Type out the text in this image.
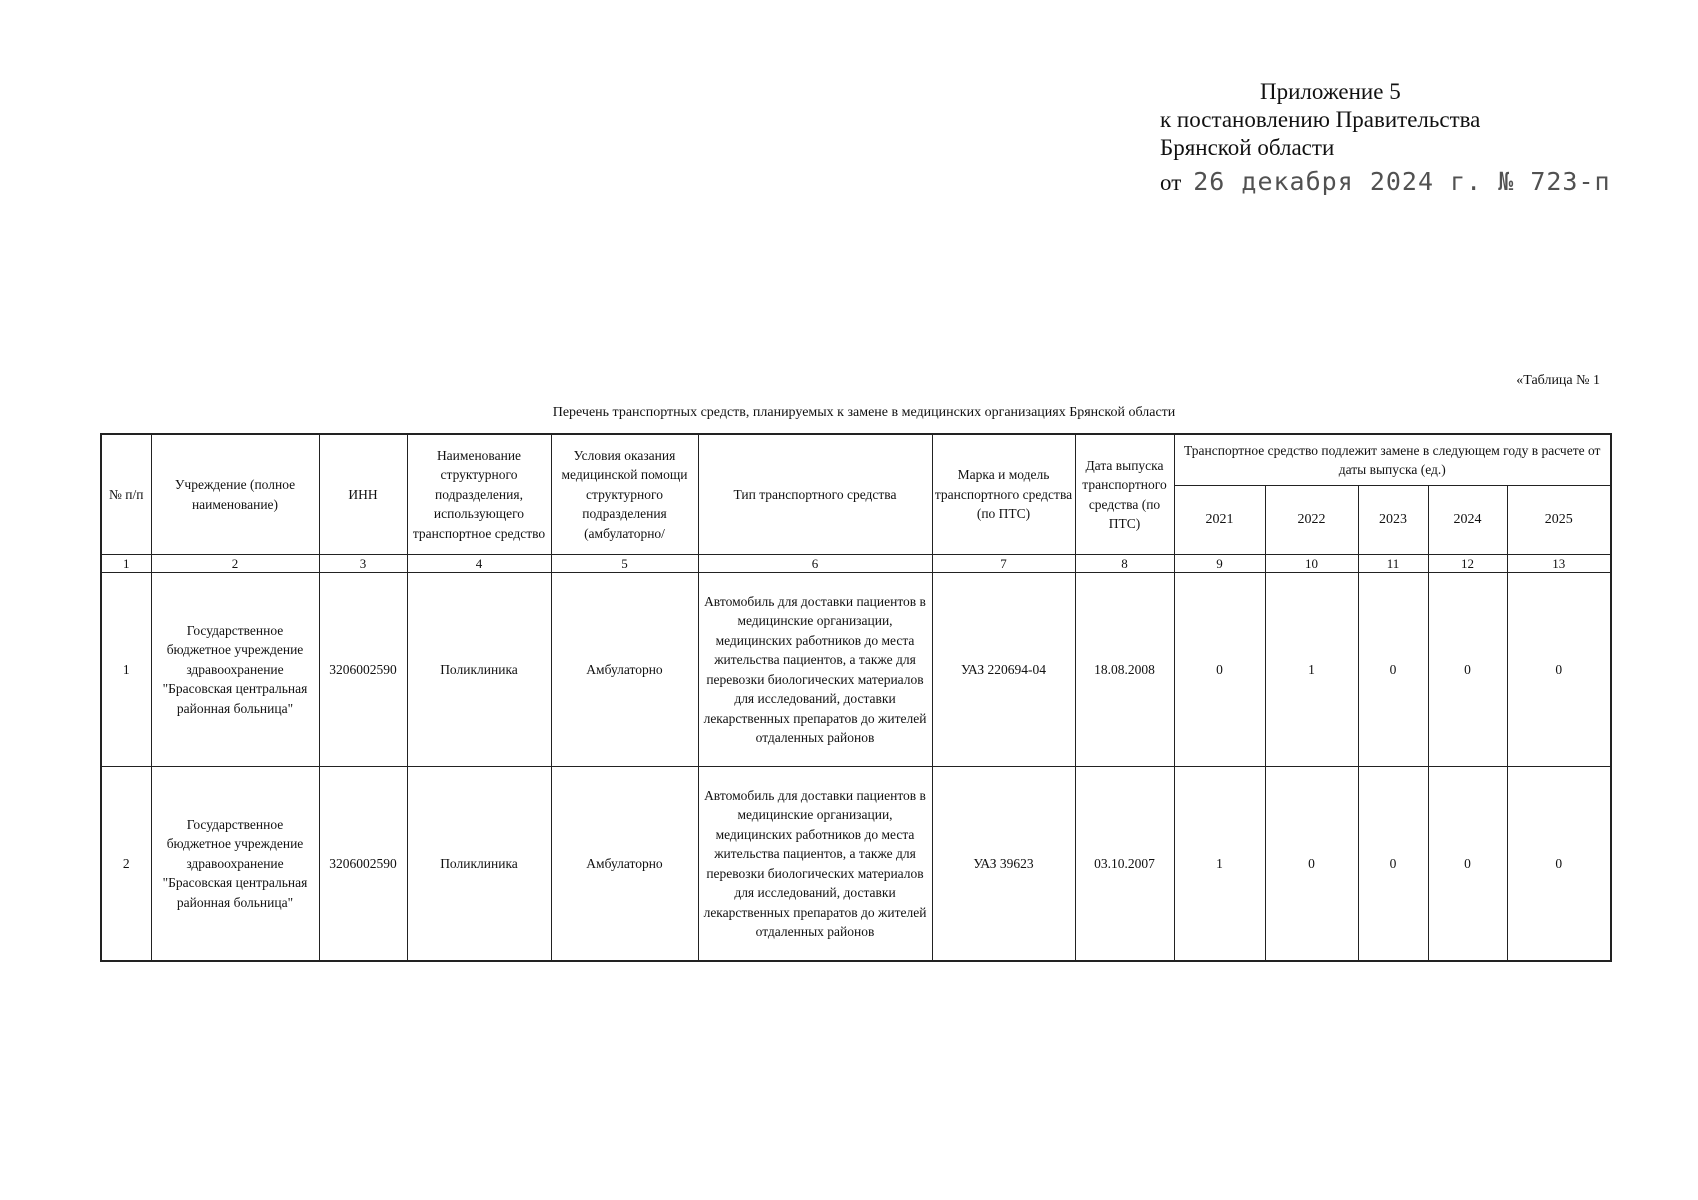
Приложение 5
к постановлению Правительства
Брянской области
от 26 декабря 2024 г. № 723-п
«Таблица № 1
Перечень транспортных средств, планируемых к замене в медицинских организациях Брянской области
№ п/п	Учреждение (полное наименование)	ИНН	Наименование структурного подразделения, использующего транспортное средство	Условия оказания медицинской помощи структурного подразделения (амбулаторно/	Тип транспортного средства	Марка и модель транспортного средства (по ПТС)	Дата выпуска транспортного средства (по ПТС)	Транспортное средство подлежит замене в следующем году в расчете от даты выпуска (ед.)				
								2021	2022	2023	2024	2025
1	2	3	4	5	6	7	8	9	10	11	12	13
1	Государственное бюджетное учреждение здравоохранение "Брасовская центральная районная больница"	3206002590	Поликлиника	Амбулаторно	Автомобиль для доставки пациентов в медицинские организации, медицинских работников до места жительства пациентов, а также для перевозки биологических материалов для исследований, доставки лекарственных препаратов до жителей отдаленных районов	УАЗ 220694-04	18.08.2008	0	1	0	0	0
2	Государственное бюджетное учреждение здравоохранение "Брасовская центральная районная больница"	3206002590	Поликлиника	Амбулаторно	Автомобиль для доставки пациентов в медицинские организации, медицинских работников до места жительства пациентов, а также для перевозки биологических материалов для исследований, доставки лекарственных препаратов до жителей отдаленных районов	УАЗ 39623	03.10.2007	1	0	0	0	0
